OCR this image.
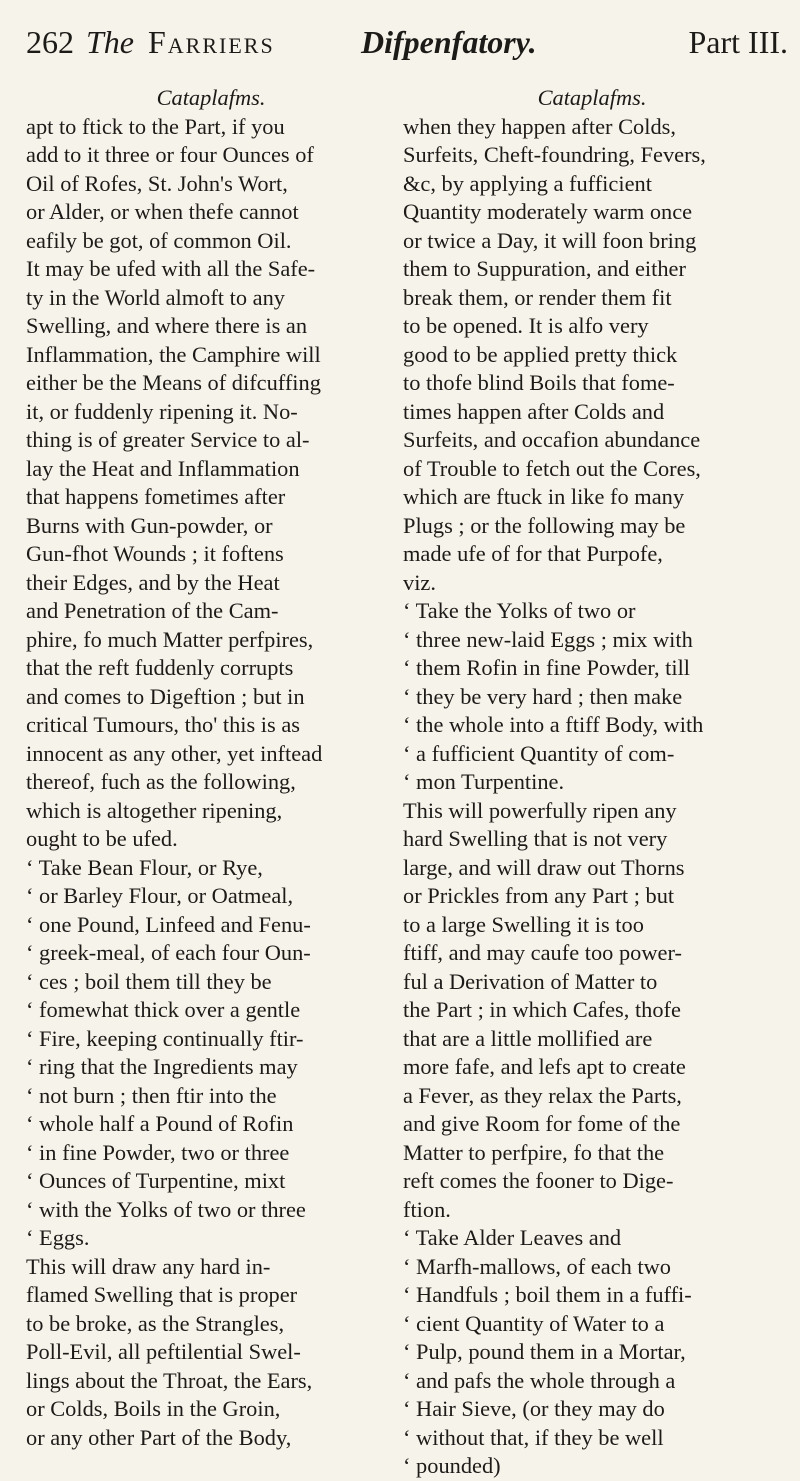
262 The Farriers	Difpenfatory.	Part III.
Cataplafms.
apt to ftick to the Part, if you
add to it three or four Ounces of
Oil of Rofes, St. John's Wort,
or Alder, or when thefe cannot
eafily be got, of common Oil.
It may be ufed with all the Safe-
ty in the World almoft to any
Swelling, and where there is an
Inflammation, the Camphire will
either be the Means of difcuffing
it, or fuddenly ripening it. No-
thing is of greater Service to al-
lay the Heat and Inflammation
that happens fometimes after
Burns with Gun-powder, or
Gun-fhot Wounds ; it foftens
their Edges, and by the Heat
and Penetration of the Cam-
phire, fo much Matter perfpires,
that the reft fuddenly corrupts
and comes to Digeftion ; but in
critical Tumours, tho' this is as
innocent as any other, yet inftead
thereof, fuch as the following,
which is altogether ripening,
ought to be ufed.
‘ Take Bean Flour, or Rye,
‘ or Barley Flour, or Oatmeal,
‘ one Pound, Linfeed and Fenu-
‘ greek-meal, of each four Oun-
‘ ces ; boil them till they be
‘ fomewhat thick over a gentle
‘ Fire, keeping continually ftir-
‘ ring that the Ingredients may
‘ not burn ; then ftir into the
‘ whole half a Pound of Rofin
‘ in fine Powder, two or three
‘ Ounces of Turpentine, mixt
‘ with the Yolks of two or three
‘ Eggs.
This will draw any hard in-
flamed Swelling that is proper
to be broke, as the Strangles,
Poll-Evil, all peftilential Swel-
lings about the Throat, the Ears,
or Colds, Boils in the Groin,
or any other Part of the Body,
Cataplafms.
when they happen after Colds,
Surfeits, Cheft-foundring, Fevers,
&c, by applying a fufficient
Quantity moderately warm once
or twice a Day, it will foon bring
them to Suppuration, and either
break them, or render them fit
to be opened. It is alfo very
good to be applied pretty thick
to thofe blind Boils that fome-
times happen after Colds and
Surfeits, and occafion abundance
of Trouble to fetch out the Cores,
which are ftuck in like fo many
Plugs ; or the following may be
made ufe of for that Purpofe,
viz.
‘ Take the Yolks of two or
‘ three new-laid Eggs ; mix with
‘ them Rofin in fine Powder, till
‘ they be very hard ; then make
‘ the whole into a ftiff Body, with
‘ a fufficient Quantity of com-
‘ mon Turpentine.
This will powerfully ripen any
hard Swelling that is not very
large, and will draw out Thorns
or Prickles from any Part ; but
to a large Swelling it is too
ftiff, and may caufe too power-
ful a Derivation of Matter to
the Part ; in which Cafes, thofe
that are a little mollified are
more fafe, and lefs apt to create
a Fever, as they relax the Parts,
and give Room for fome of the
Matter to perfpire, fo that the
reft comes the fooner to Dige-
ftion.
‘ Take Alder Leaves and
‘ Marfh-mallows, of each two
‘ Handfuls ; boil them in a fuffi-
‘ cient Quantity of Water to a
‘ Pulp, pound them in a Mortar,
‘ and pafs the whole through a
‘ Hair Sieve, (or they may do
‘ without that, if they be well
‘ pounded)
